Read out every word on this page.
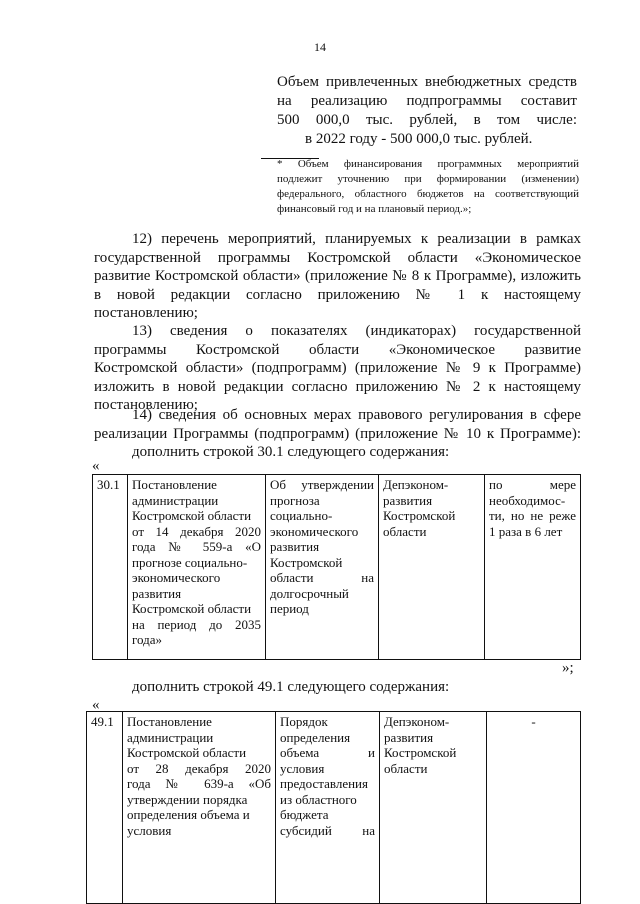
14
Объем привлеченных внебюджетных средств
на реализацию подпрограммы составит
500 000,0 тыс. рублей, в том числе:
в 2022 году - 500 000,0 тыс. рублей.
* Объем финансирования программных мероприятий
подлежит уточнению при формировании (изменении)
федерального, областного бюджетов на соответствующий
финансовый год и на плановый период.»;
12) перечень мероприятий, планируемых к реализации в рамках
государственной программы Костромской области «Экономическое
развитие Костромской области» (приложение № 8 к Программе), изложить
в новой редакции согласно приложению № 1 к настоящему
постановлению;
13) сведения о показателях (индикаторах) государственной
программы Костромской области «Экономическое развитие
Костромской области» (подпрограмм) (приложение № 9 к Программе)
изложить в новой редакции согласно приложению № 2 к настоящему
постановлению;
14) сведения об основных мерах правового регулирования в сфере
реализации Программы (подпрограмм) (приложение № 10 к Программе):
дополнить строкой 30.1 следующего содержания:
«
30.1	Постановление
администрации
Костромской области
от 14 декабря 2020
года № 559-а «О
прогнозе социально-
экономического
развития
Костромской области
на период до 2035
года»

Об утверждении
прогноза
социально-
экономического
развития
Костромской
области на
долгосрочный
период

Депэконом-
развития
Костромской
области

по мере
необходимос-
ти, но не реже
1 раза в 6 лет
»;
дополнить строкой 49.1 следующего содержания:
«
49.1	Постановление
администрации
Костромской области
от 28 декабря 2020
года № 639-а «Об
утверждении порядка
определения объема и
условия

Порядок
определения
объема и
условия
предоставления
из областного
бюджета
субсидий на

Депэконом-
развития
Костромской
области

-
